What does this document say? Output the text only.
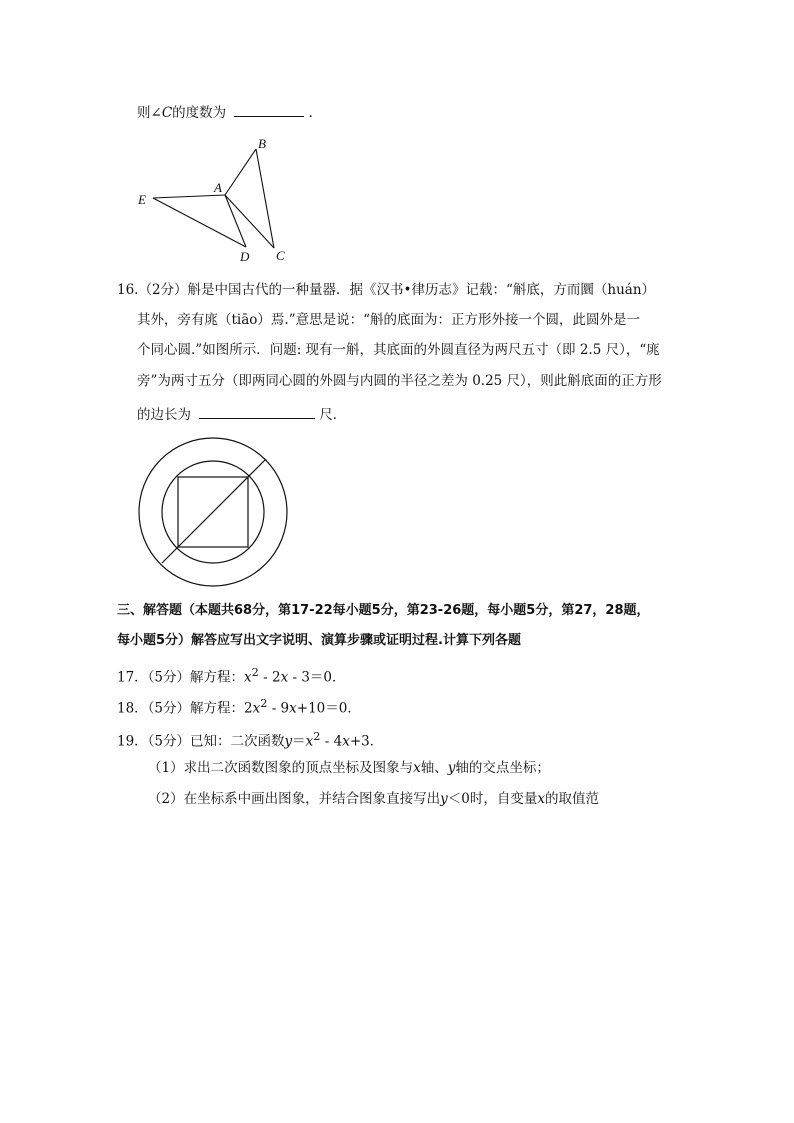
则∠C的度数为	.
A
B
C
D
E
16.（2分）斛是中国古代的一种量器．据《汉书•律历志》记载：“斛底，方而圜（huán）
其外，旁有庣（tiāo）焉.”意思是说：“斛的底面为：正方形外接一个圆，此圆外是一
个同心圆.”如图所示．问题: 现有一斛，其底面的外圆直径为两尺五寸（即 2.5 尺），“庣
旁”为两寸五分（即两同心圆的外圆与内圆的半径之差为 0.25 尺），则此斛底面的正方形
的边长为	尺．
三、解答题（本题共68分，第17-22每小题5分，第23-26题，每小题5分，第27，28题，
每小题5分）解答应写出文字说明、演算步骤或证明过程.计算下列各题
17．（5分）解方程：$x^2 - 2x - 3=0$．
18．（5分）解方程：$2x^2 - 9x+10=0$．
19．（5分）已知：二次函数$y=x^2 - 4x+3$．
（1）求出二次函数图象的顶点坐标及图象与x轴、y轴的交点坐标；
（2）在坐标系中画出图象，并结合图象直接写出y＜0时，自变量x的取值范
